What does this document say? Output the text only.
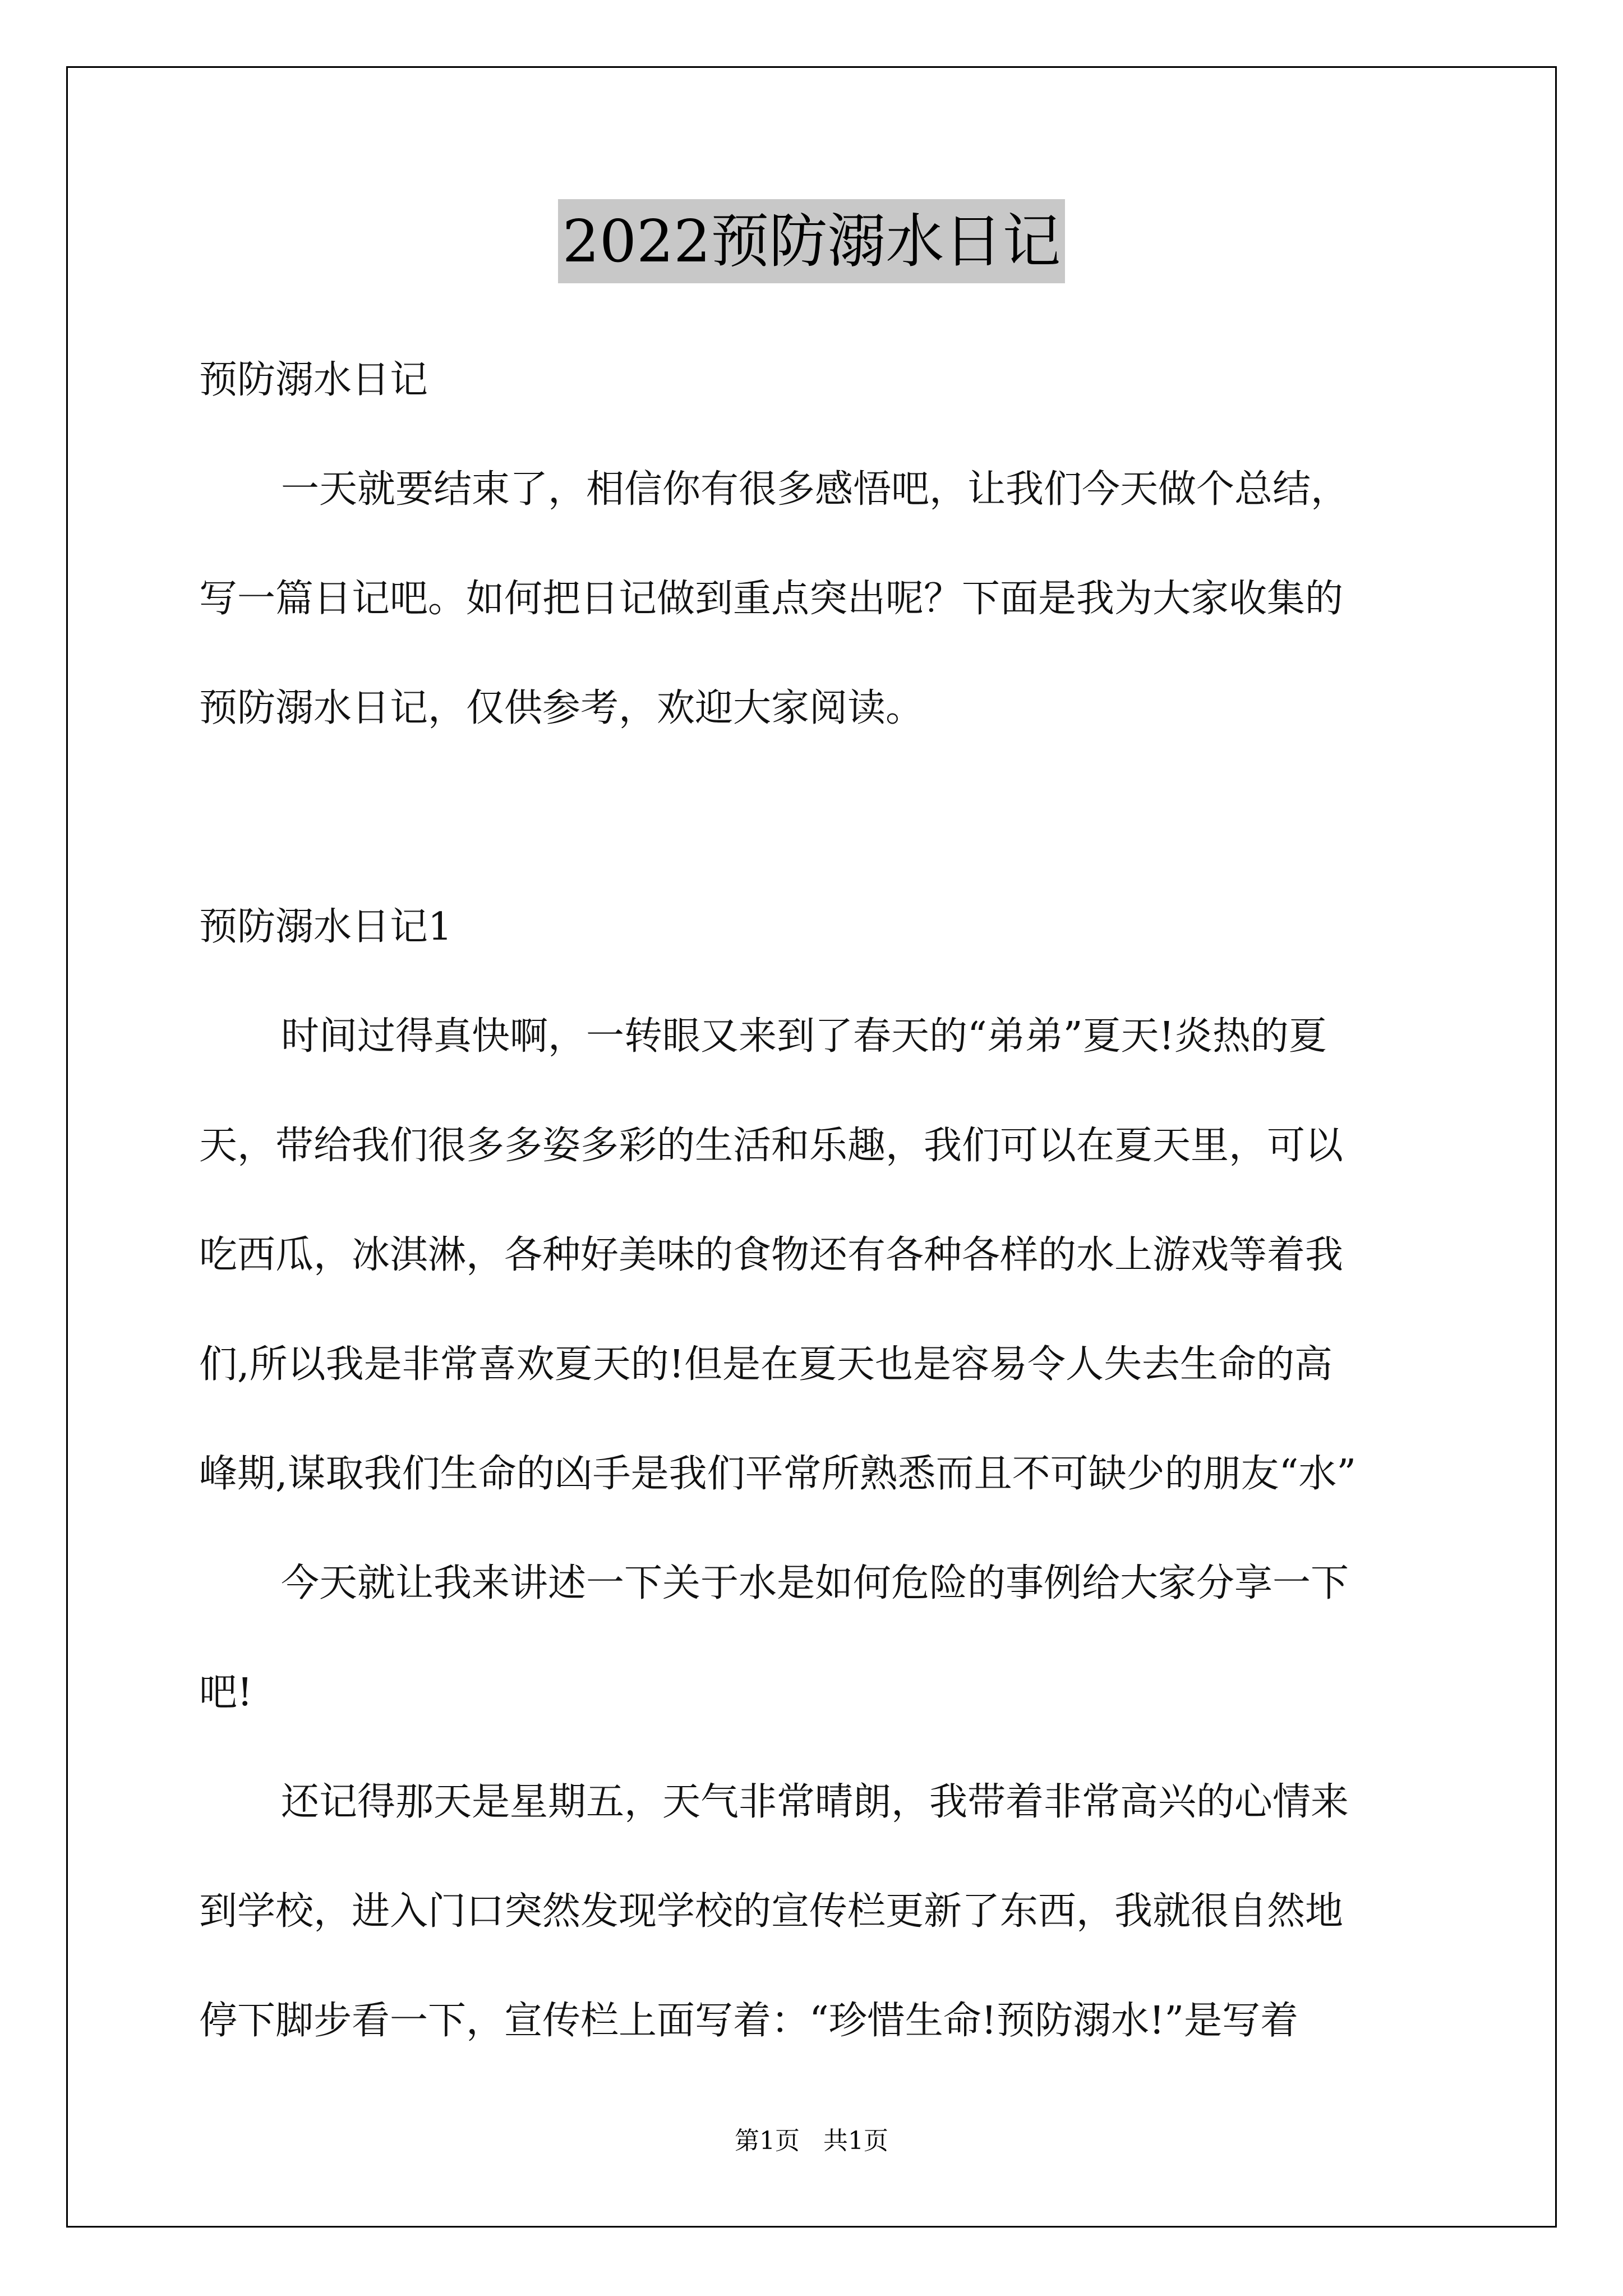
2022预防溺水日记
预防溺水日记
一天就要结束了，相信你有很多感悟吧，让我们今天做个总结，
写一篇日记吧。如何把日记做到重点突出呢？下面是我为大家收集的
预防溺水日记，仅供参考，欢迎大家阅读。
预防溺水日记1
时间过得真快啊，一转眼又来到了春天的“弟弟”夏天!炎热的夏
天，带给我们很多多姿多彩的生活和乐趣，我们可以在夏天里，可以
吃西瓜，冰淇淋，各种好美味的食物还有各种各样的水上游戏等着我
们,所以我是非常喜欢夏天的!但是在夏天也是容易令人失去生命的高
峰期,谋取我们生命的凶手是我们平常所熟悉而且不可缺少的朋友“水”
今天就让我来讲述一下关于水是如何危险的事例给大家分享一下
吧!
还记得那天是星期五，天气非常晴朗，我带着非常高兴的心情来
到学校，进入门口突然发现学校的宣传栏更新了东西，我就很自然地
停下脚步看一下，宣传栏上面写着：“珍惜生命!预防溺水!”是写着
第1页 共1页
